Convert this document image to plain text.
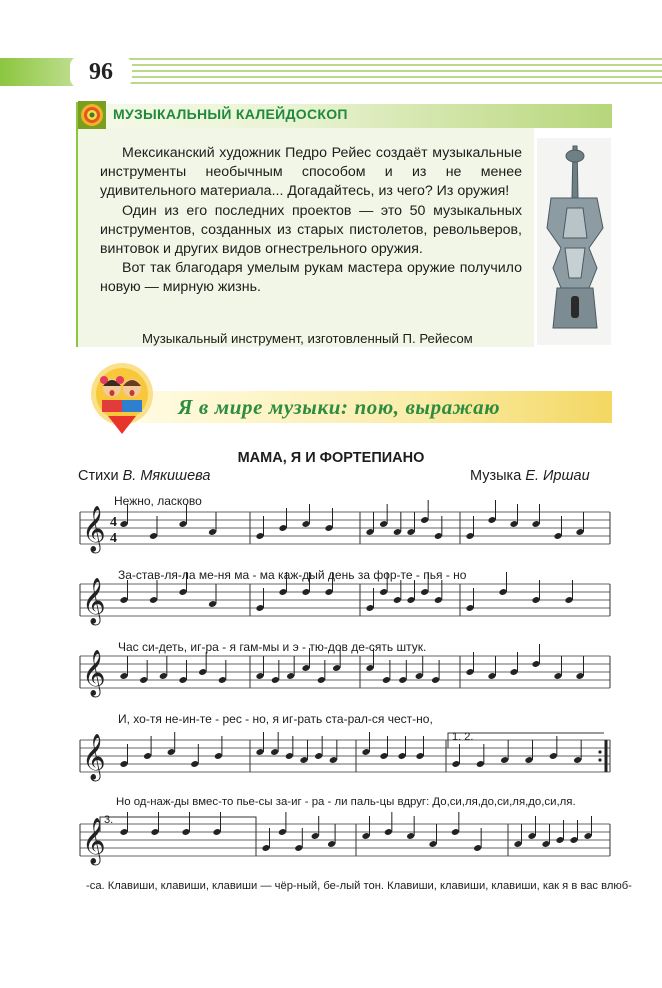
96
МУЗЫКАЛЬНЫЙ КАЛЕЙДОСКОП

Мексиканский художник Педро Рейес создаёт музыкальные инструменты необычным способом и из не менее удивительного материала... Догадайтесь, из чего? Из оружия!

Один из его последних проектов — это 50 музыкальных инструментов, созданных из старых пистолетов, револьверов, винтовок и других видов огнестрельного оружия.

Вот так благодаря умелым рукам мастера оружие получило новую — мирную жизнь.

Музыкальный инструмент, изготовленный П. Рейесом
Я в мире музыки: пою, выражаю
МАМА, Я И ФОРТЕПИАНО
Стихи В. Мякишева	Музыка Е. Иршаи
Нежно, ласково
𝄞 4
4
𝄞
𝄞
𝄞
𝄞
За-став-ля-ла ме-ня ма - ма каж-дый день за фор-те - пья - но
Час си-деть, иг-ра - я гам-мы и э - тю-дов де-сять штук.
И, хо-тя не-ин-те - рес - но, я иг-рать ста-рал-ся чест-но,
Но од-наж-ды вмес-то пье-сы за-иг - ра - ли паль-цы вдруг: До,си,ля,до,си,ля,до,си,ля.
-са. Клавиши, клавиши, клавиши — чёр-ный, бе-лый тон. Клавиши, клавиши, клавиши, как я в вас влюб-
1. 2.
3.
